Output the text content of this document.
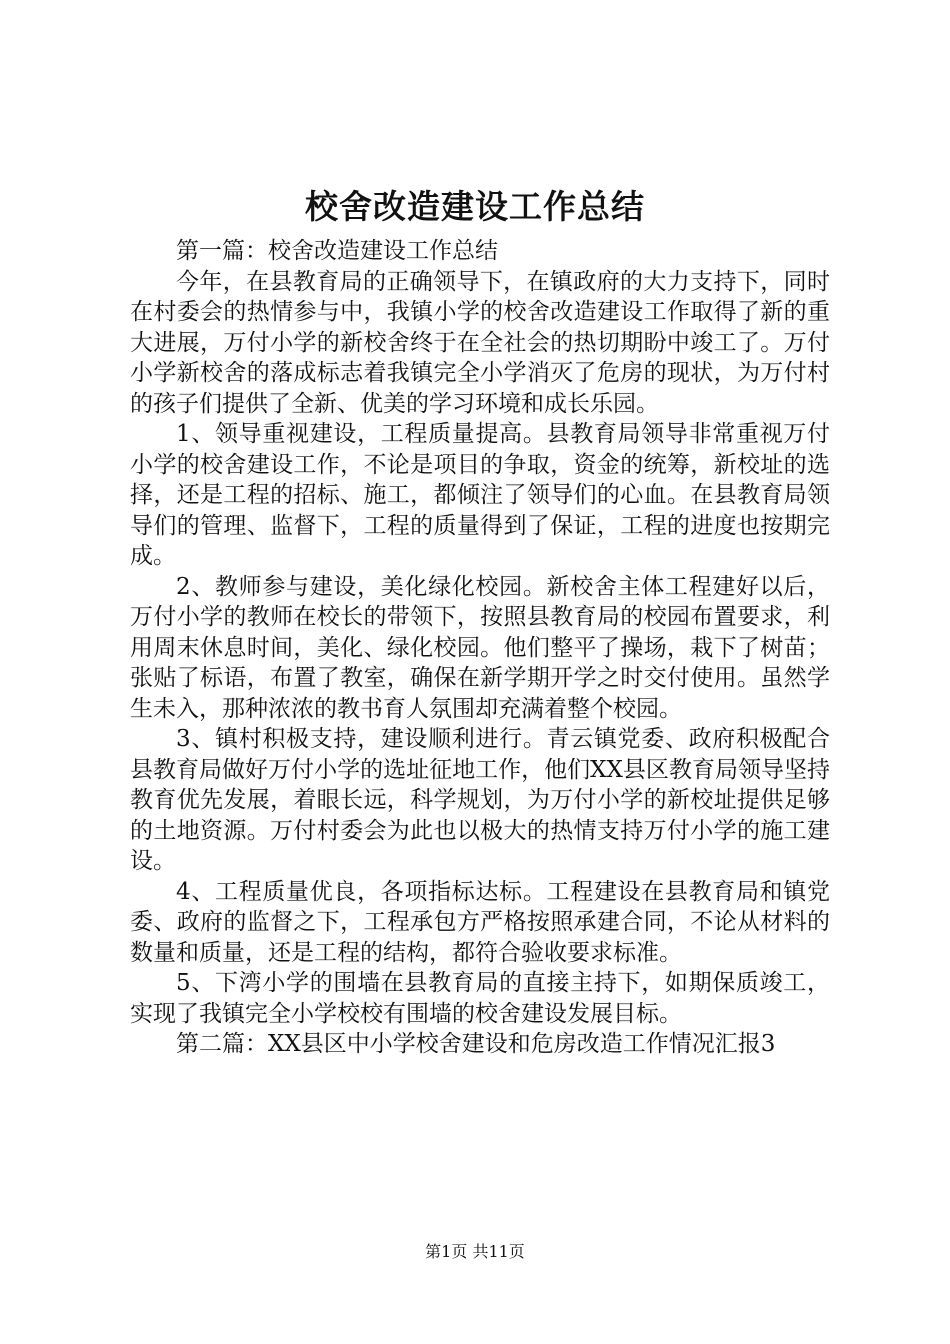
校舍改造建设工作总结

第一篇：校舍改造建设工作总结

今年，在县教育局的正确领导下，在镇政府的大力支持下，同时在村委会的热情参与中，我镇小学的校舍改造建设工作取得了新的重大进展，万付小学的新校舍终于在全社会的热切期盼中竣工了。万付小学新校舍的落成标志着我镇完全小学消灭了危房的现状，为万付村的孩子们提供了全新、优美的学习环境和成长乐园。

1、领导重视建设，工程质量提高。县教育局领导非常重视万付小学的校舍建设工作，不论是项目的争取，资金的统筹，新校址的选择，还是工程的招标、施工，都倾注了领导们的心血。在县教育局领导们的管理、监督下，工程的质量得到了保证，工程的进度也按期完成。

2、教师参与建设，美化绿化校园。新校舍主体工程建好以后，万付小学的教师在校长的带领下，按照县教育局的校园布置要求，利用周末休息时间，美化、绿化校园。他们整平了操场，栽下了树苗；张贴了标语，布置了教室，确保在新学期开学之时交付使用。虽然学生未入，那种浓浓的教书育人氛围却充满着整个校园。

3、镇村积极支持，建设顺利进行。青云镇党委、政府积极配合县教育局做好万付小学的选址征地工作，他们XX县区教育局领导坚持教育优先发展，着眼长远，科学规划，为万付小学的新校址提供足够的土地资源。万付村委会为此也以极大的热情支持万付小学的施工建设。

4、工程质量优良，各项指标达标。工程建设在县教育局和镇党委、政府的监督之下，工程承包方严格按照承建合同，不论从材料的数量和质量，还是工程的结构，都符合验收要求标准。

5、下湾小学的围墙在县教育局的直接主持下，如期保质竣工，实现了我镇完全小学校校有围墙的校舍建设发展目标。

第二篇：XX县区中小学校舍建设和危房改造工作情况汇报3

第1页 共11页
